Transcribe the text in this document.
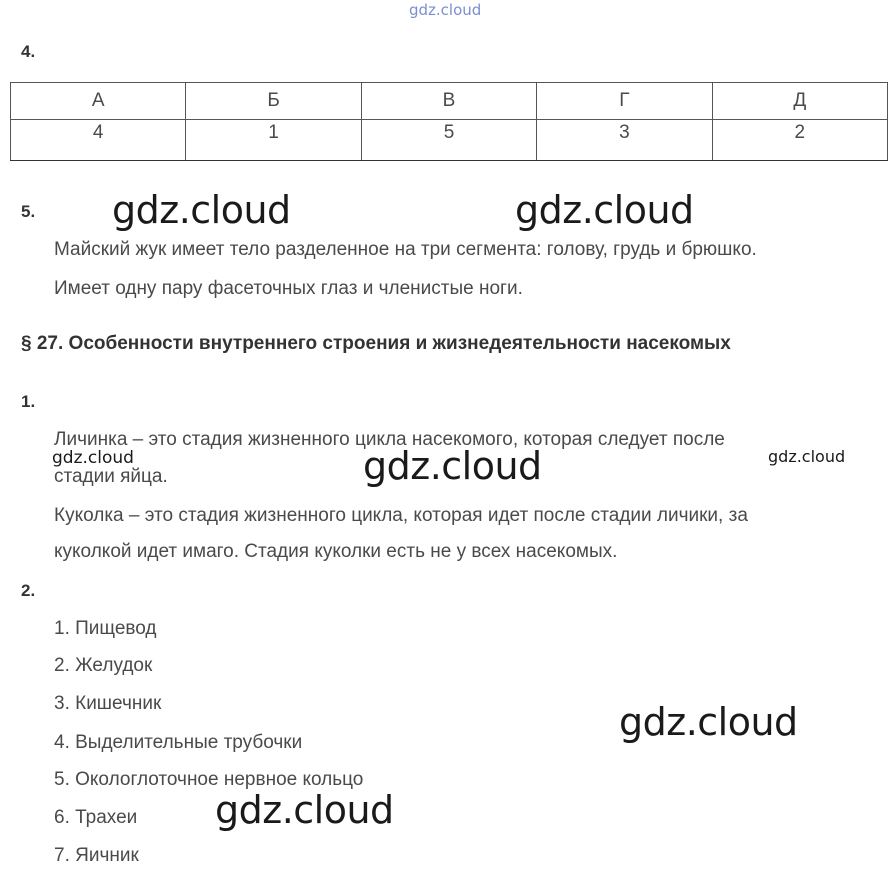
gdz.cloud
4.
А	Б	В	Г	Д
4	1	5	3	2
5. gdz.cloud	gdz.cloud
Майский жук имеет тело разделенное на три сегмента: голову, грудь и брюшко.
Имеет одну пару фасеточных глаз и членистые ноги.
§ 27. Особенности внутреннего строения и жизнедеятельности насекомых
1.
Личинка – это стадия жизненного цикла насекомого, которая следует после
стадии яйца.
gdz.cloud	gdz.cloud	gdz.cloud
Куколка – это стадия жизненного цикла, которая идет после стадии личики, за
куколкой идет имаго. Стадия куколки есть не у всех насекомых.
2.
1. Пищевод
2. Желудок
3. Кишечник
4. Выделительные трубочки
5. Окологлоточное нервное кольцо
6. Трахеи
7. Яичник
gdz.cloud
gdz.cloud
